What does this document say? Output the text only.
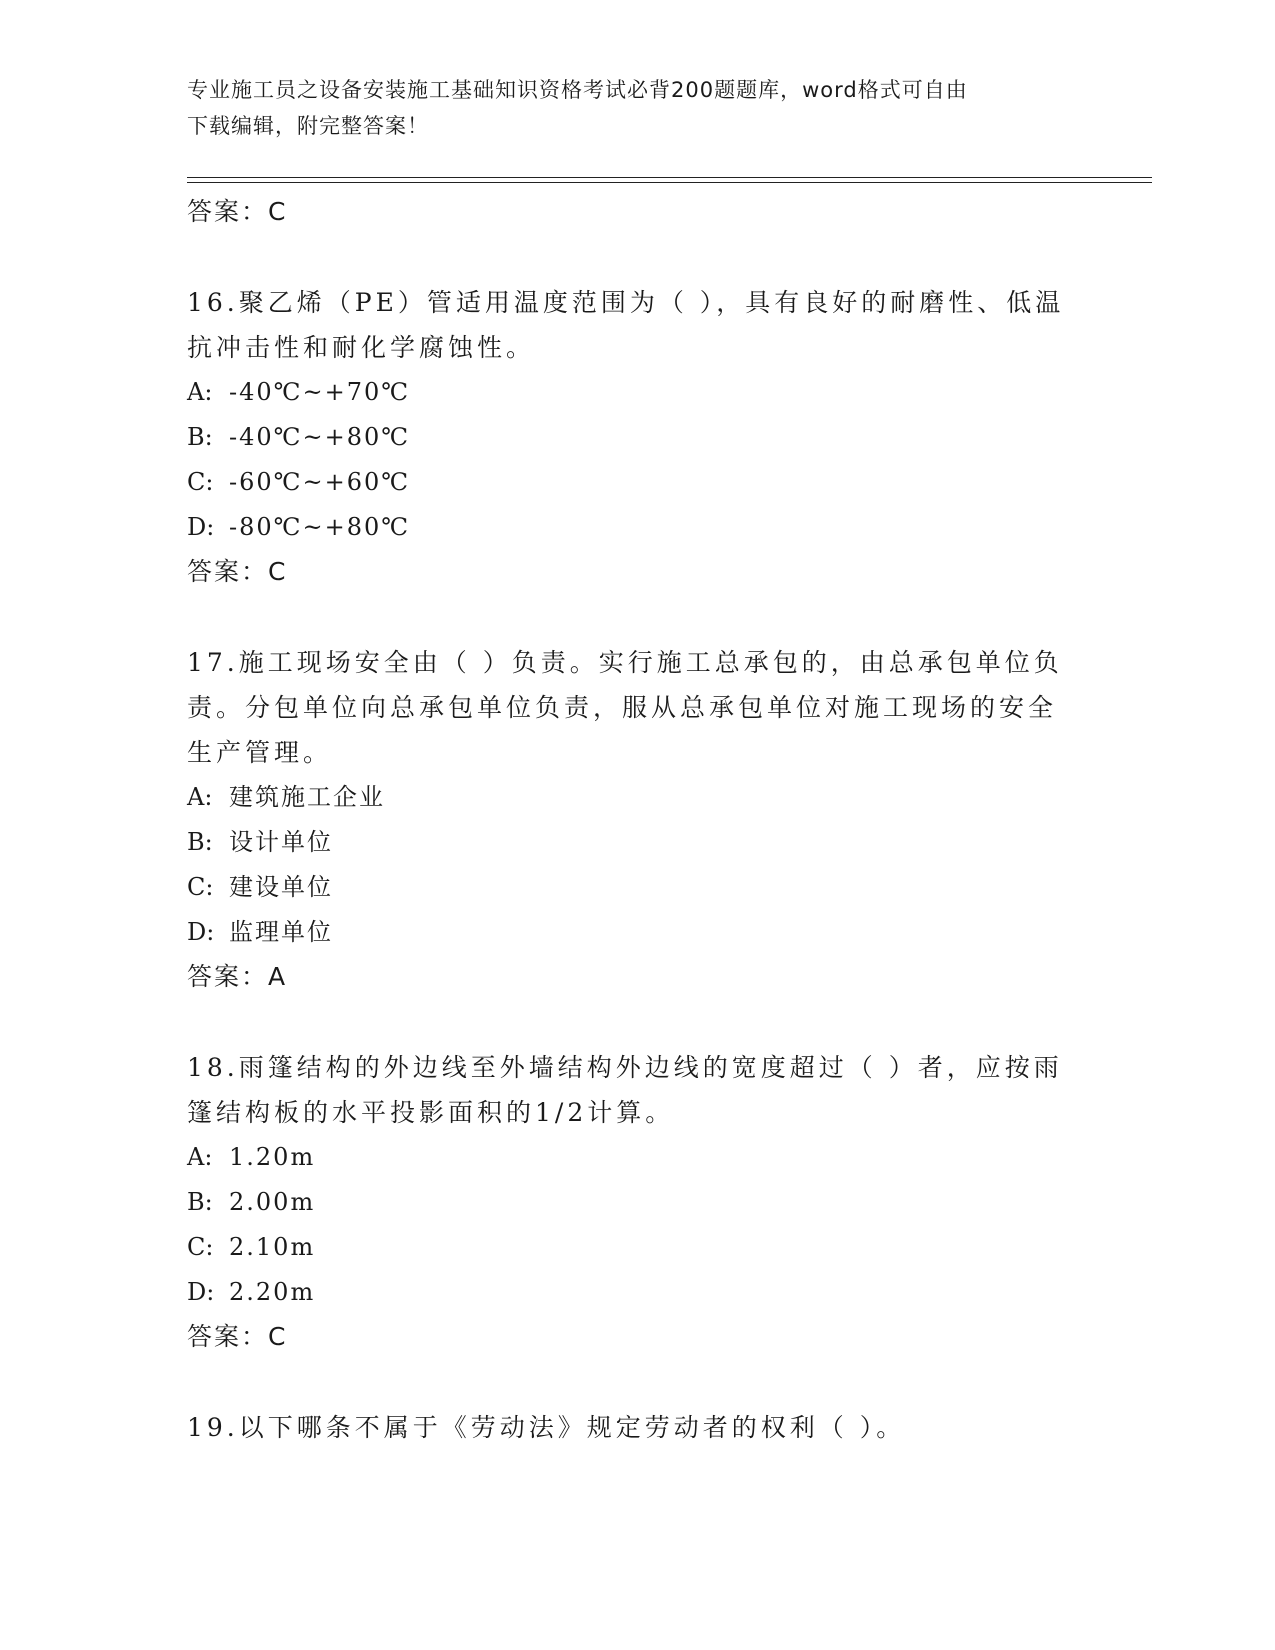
专业施工员之设备安装施工基础知识资格考试必背200题题库，word格式可自由
下载编辑，附完整答案！
答案：C
16.聚乙烯（PE）管适用温度范围为（ ），具有良好的耐磨性、低温抗冲击性和耐化学腐蚀性。
A: -40℃~+70℃
B: -40℃~+80℃
C: -60℃~+60℃
D: -80℃~+80℃
答案：C
17.施工现场安全由（ ）负责。实行施工总承包的，由总承包单位负责。分包单位向总承包单位负责，服从总承包单位对施工现场的安全生产管理。
A: 建筑施工企业
B: 设计单位
C: 建设单位
D: 监理单位
答案：A
18.雨篷结构的外边线至外墙结构外边线的宽度超过（ ）者，应按雨篷结构板的水平投影面积的1/2计算。
A: 1.20m
B: 2.00m
C: 2.10m
D: 2.20m
答案：C
19.以下哪条不属于《劳动法》规定劳动者的权利（ ）。
